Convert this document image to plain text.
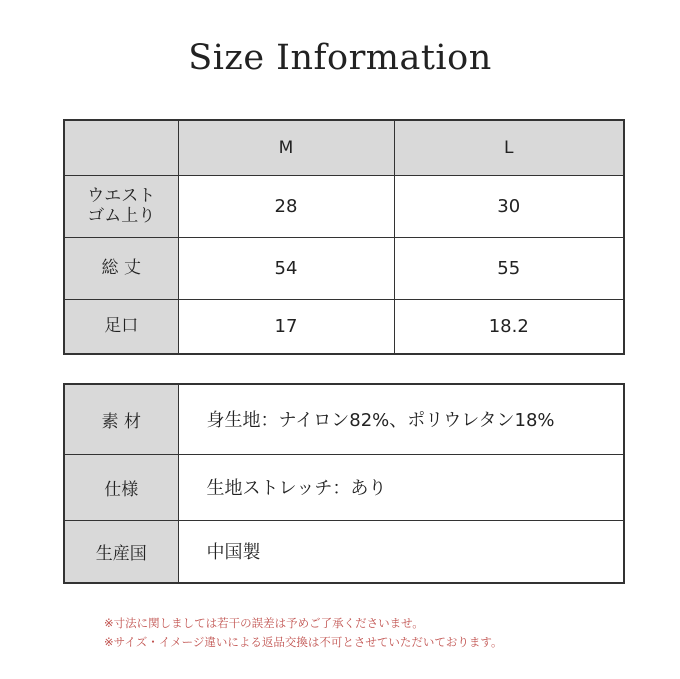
Size Information
	M	L

ウエスト
ゴム上り	28	30
総 丈	54	55
足口	17	18.2
素 材	身生地：ナイロン82%、ポリウレタン18%
仕様	生地ストレッチ：あり
生産国	中国製
※寸法に関しましては若干の誤差は予めご了承くださいませ。
※サイズ・イメージ違いによる返品交換は不可とさせていただいております。
